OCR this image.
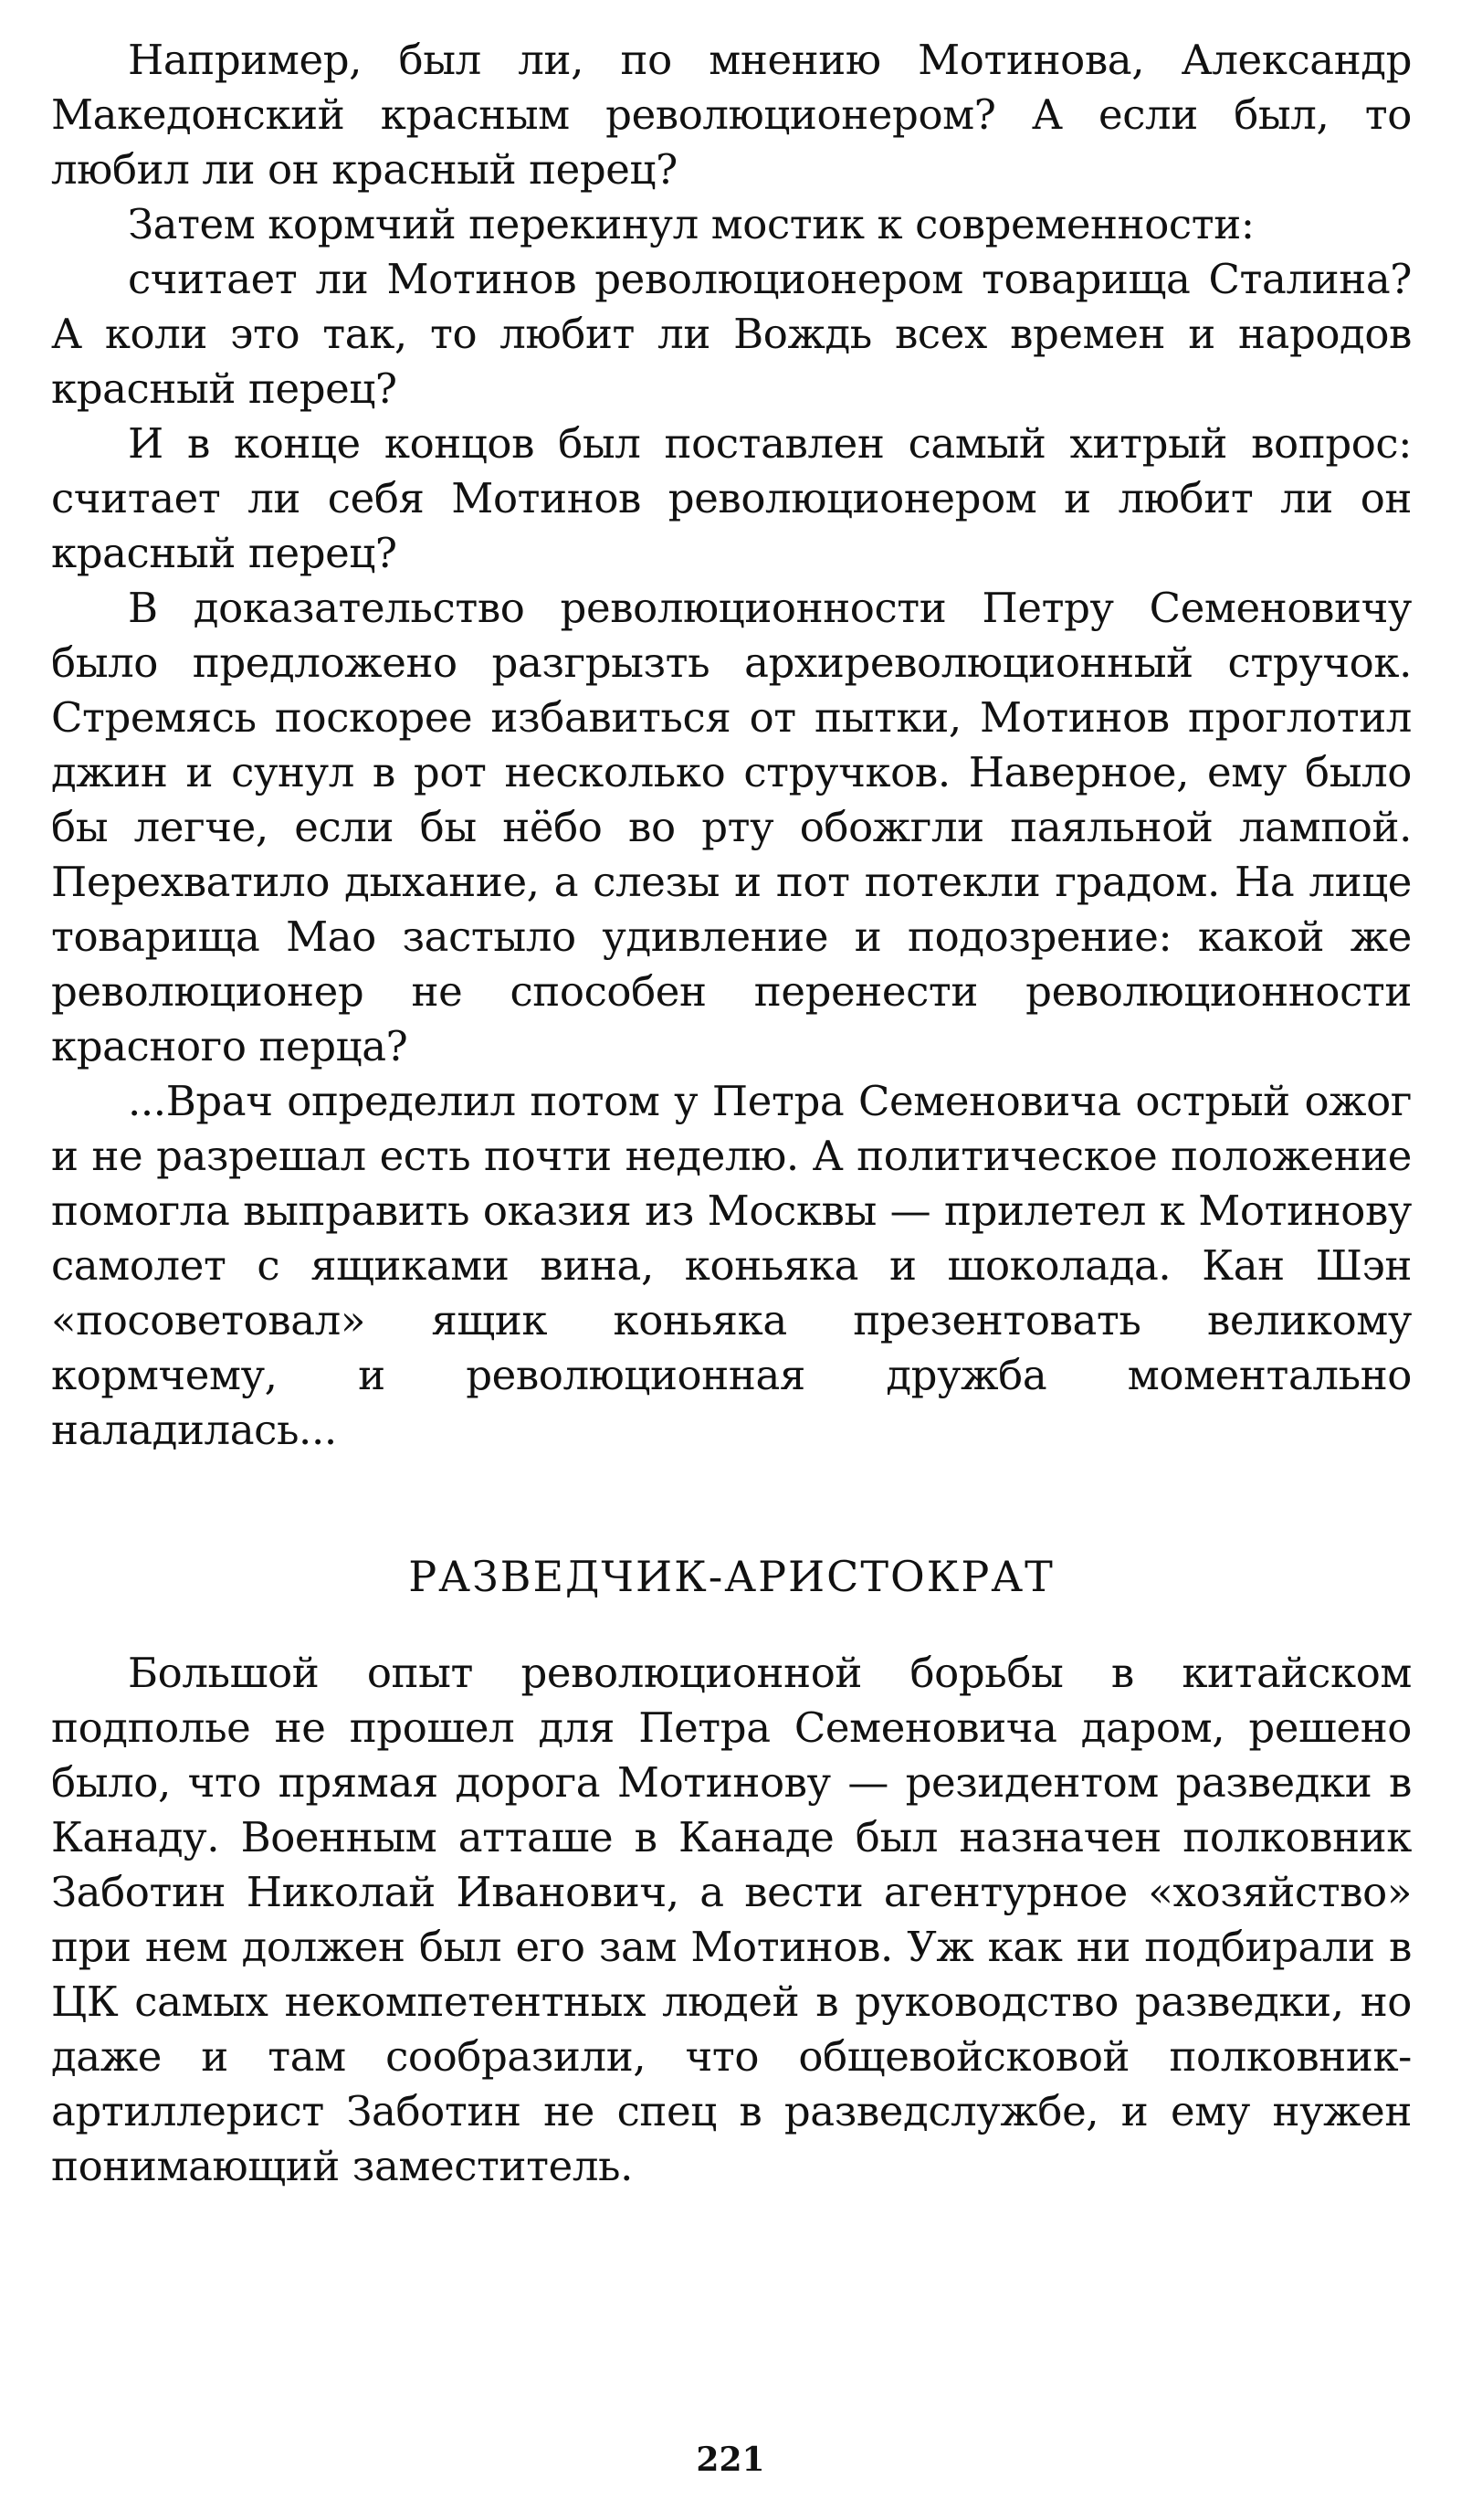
Например, был ли, по мнению Мотинова, Александр Македонский красным революционером? А если был, то любил ли он красный перец?

Затем кормчий перекинул мостик к современности:

считает ли Мотинов революционером товарища Сталина? А коли это так, то любит ли Вождь всех времен и народов красный перец?

И в конце концов был поставлен самый хитрый вопрос: считает ли себя Мотинов революционером и любит ли он красный перец?

В доказательство революционности Петру Семеновичу было предложено разгрызть архиреволюционный стручок. Стремясь поскорее избавиться от пытки, Мотинов проглотил джин и сунул в рот несколько стручков. Наверное, ему было бы легче, если бы нёбо во рту обожгли паяльной лампой. Перехватило дыхание, а слезы и пот потекли градом. На лице товарища Мао застыло удивление и подозрение: какой же революционер не способен перенести революционности красного перца?

...Врач определил потом у Петра Семеновича острый ожог и не разрешал есть почти неделю. А политическое положение помогла выправить оказия из Москвы — прилетел к Мотинову самолет с ящиками вина, коньяка и шоколада. Кан Шэн «посоветовал» ящик коньяка презентовать великому кормчему, и революционная дружба моментально наладилась...

РАЗВЕДЧИК-АРИСТОКРАТ

Большой опыт революционной борьбы в китайском подполье не прошел для Петра Семеновича даром, решено было, что прямая дорога Мотинову — резидентом разведки в Канаду. Военным атташе в Канаде был назначен полковник Заботин Николай Иванович, а вести агентурное «хозяйство» при нем должен был его зам Мотинов. Уж как ни подбирали в ЦК самых некомпетентных людей в руководство разведки, но даже и там сообразили, что общевойсковой полковник-артиллерист Заботин не спец в разведслужбе, и ему нужен понимающий заместитель.

221
